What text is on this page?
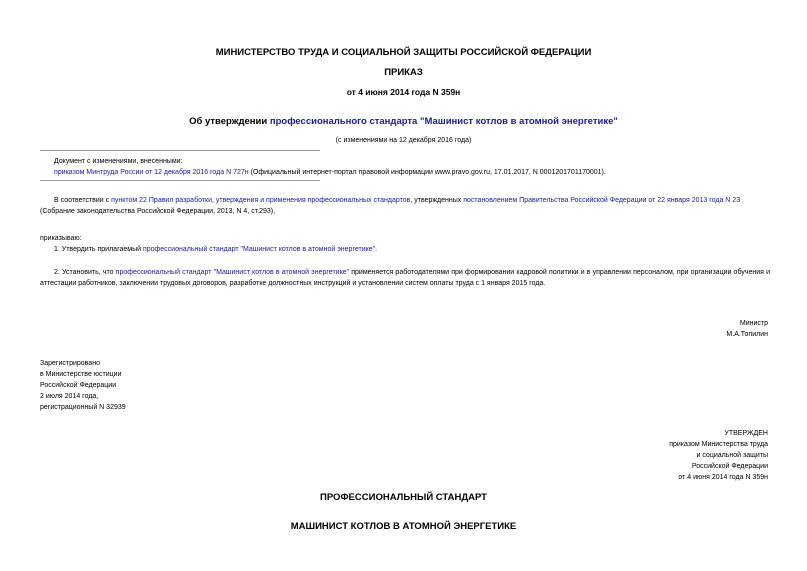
МИНИСТЕРСТВО ТРУДА И СОЦИАЛЬНОЙ ЗАЩИТЫ РОССИЙСКОЙ ФЕДЕРАЦИИ
ПРИКАЗ
от 4 июня 2014 года N 359н
Об утверждении профессионального стандарта "Машинист котлов в атомной энергетике"
(с изменениями на 12 декабря 2016 года)
Документ с изменениями, внесенными:
приказом Минтруда России от 12 декабря 2016 года N 727н (Официальный интернет-портал правовой информации www.pravo.gov.ru, 17.01.2017, N 0001201701170001).
В соответствии с пунктом 22 Правил разработки, утверждения и применения профессиональных стандартов, утвержденных постановлением Правительства Российской Федерации от 22 января 2013 года N 23 (Собрание законодательства Российской Федерации, 2013, N 4, ст.293),
приказываю:
1. Утвердить прилагаемый профессиональный стандарт "Машинист котлов в атомной энергетике".
2. Установить, что профессиональный стандарт "Машинист котлов в атомной энергетике" применяется работодателями при формировании кадровой политики и в управлении персоналом, при организации обучения и аттестации работников, заключении трудовых договоров, разработке должностных инструкций и установлении систем оплаты труда с 1 января 2015 года.
Министр
М.А.Топилин
Зарегистрировано
в Министерстве юстиции
Российской Федерации
2 июля 2014 года,
регистрационный N 32939
УТВЕРЖДЕН
приказом Министерства труда
и социальной защиты
Российской Федерации
от 4 июня 2014 года N 359н
ПРОФЕССИОНАЛЬНЫЙ СТАНДАРТ
МАШИНИСТ КОТЛОВ В АТОМНОЙ ЭНЕРГЕТИКЕ
